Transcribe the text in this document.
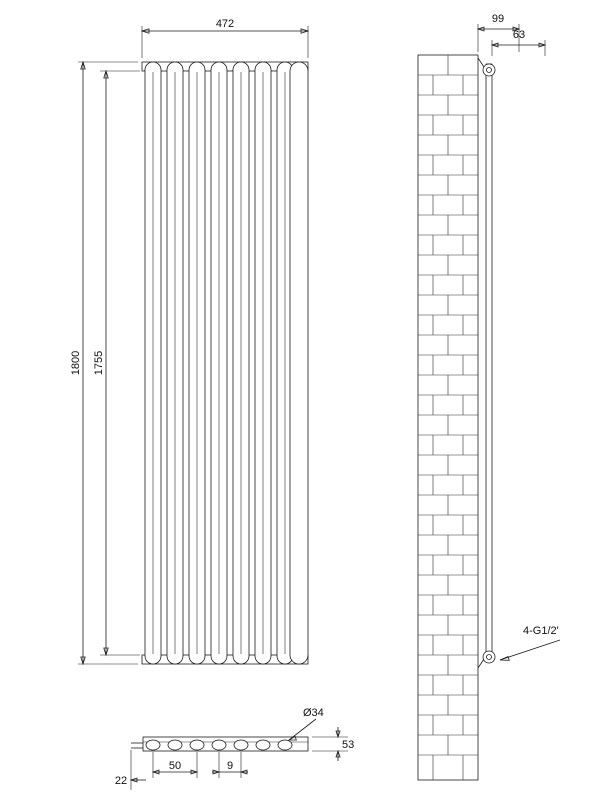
472
1800 1755
99
63
4-G1/2'
Ø34
53
50	9
22
